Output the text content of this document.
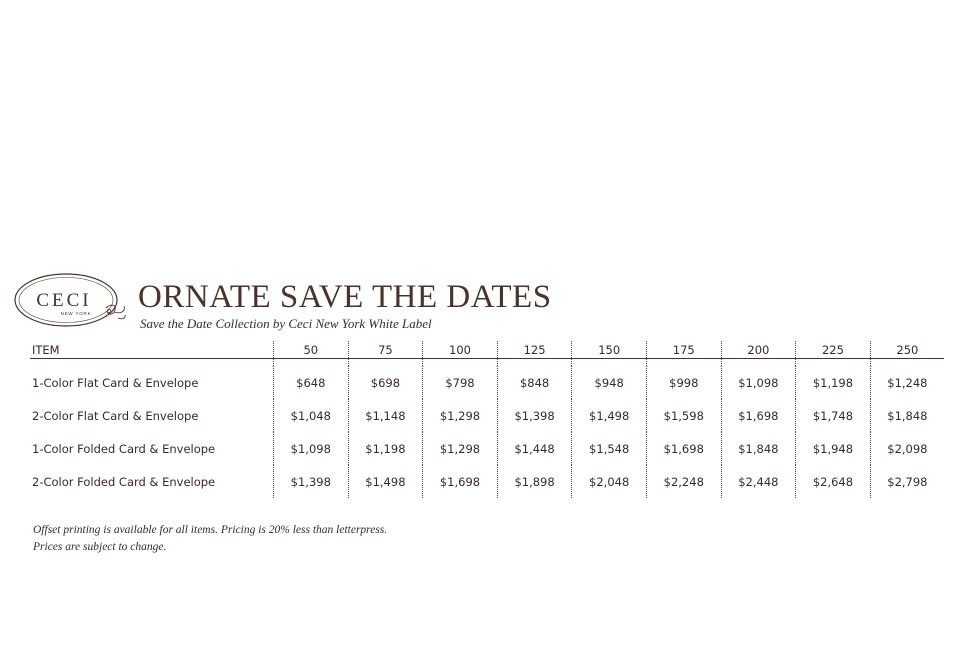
CECI
NEW YORK ORNATE SAVE THE DATES
Save the Date Collection by Ceci New York White Label
ITEM	50	75	100	125	150	175	200	225	250

1-Color Flat Card & Envelope	$648	$698	$798	$848	$948	$998	$1,098	$1,198	$1,248
2-Color Flat Card & Envelope	$1,048	$1,148	$1,298	$1,398	$1,498	$1,598	$1,698	$1,748	$1,848
1-Color Folded Card & Envelope	$1,098	$1,198	$1,298	$1,448	$1,548	$1,698	$1,848	$1,948	$2,098
2-Color Folded Card & Envelope	$1,398	$1,498	$1,698	$1,898	$2,048	$2,248	$2,448	$2,648	$2,798
Offset printing is available for all items. Pricing is 20% less than letterpress.
Prices are subject to change.
